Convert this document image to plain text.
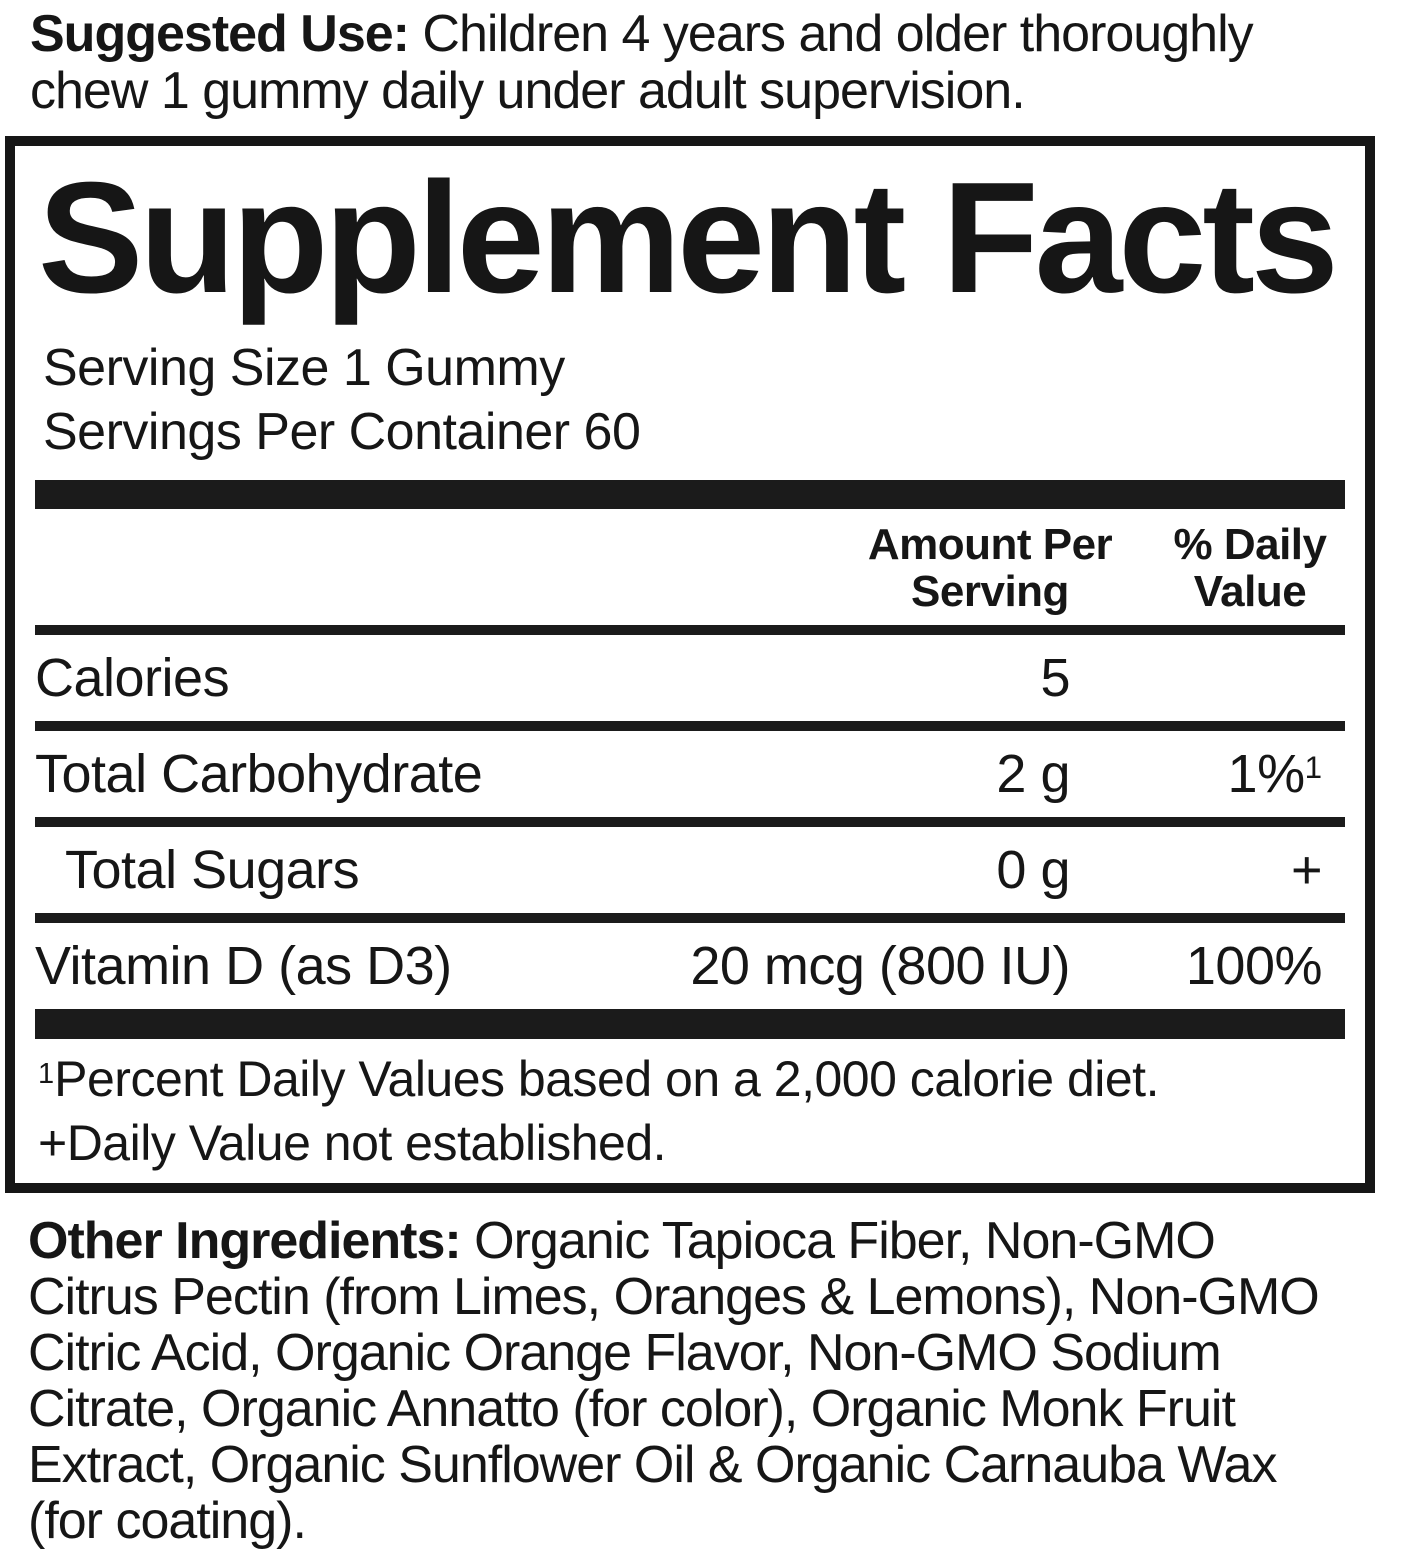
Suggested Use: Children 4 years and older thoroughly
chew 1 gummy daily under adult supervision.
Supplement Facts
Serving Size 1 Gummy
Servings Per Container 60
Amount Per
Serving
% Daily
Value
Calories	5
Total Carbohydrate	2 g	1%$^1$
Total Sugars	0 g	+
Vitamin D (as D3)	20 mcg (800 IU)	100%
$^1$Percent Daily Values based on a 2,000 calorie diet.
+Daily Value not established.
Other Ingredients: Organic Tapioca Fiber, Non-GMO
Citrus Pectin (from Limes, Oranges & Lemons), Non-GMO
Citric Acid, Organic Orange Flavor, Non-GMO Sodium
Citrate, Organic Annatto (for color), Organic Monk Fruit
Extract, Organic Sunflower Oil & Organic Carnauba Wax
(for coating).
